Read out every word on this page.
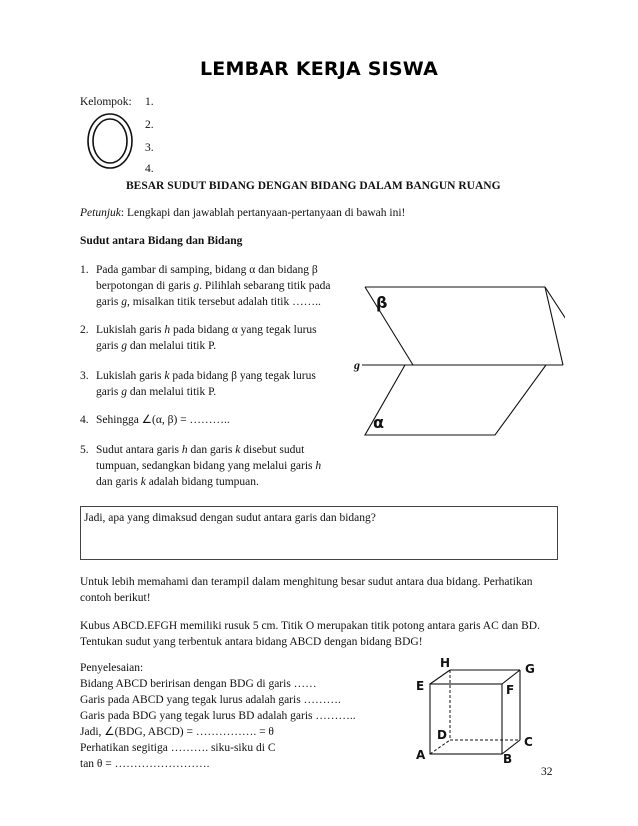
LEMBAR KERJA SISWA
Kelompok: 1.
2.
3.
4.
BESAR SUDUT BIDANG DENGAN BIDANG DALAM BANGUN RUANG
Petunjuk: Lengkapi dan jawablah pertanyaan-pertanyaan di bawah ini!
Sudut antara Bidang dan Bidang
1. Pada gambar di samping, bidang α dan bidang β
berpotongan di garis g. Pilihlah sebarang titik pada
garis g, misalkan titik tersebut adalah titik ……..
2. Lukislah garis h pada bidang α yang tegak lurus
garis g dan melalui titik P.
3. Lukislah garis k pada bidang β yang tegak lurus
garis g dan melalui titik P.
4. Sehingga ∠(α, β) = ………..
5. Sudut antara garis h dan garis k disebut sudut
tumpuan, sedangkan bidang yang melalui garis h
dan garis k adalah bidang tumpuan.
β
α
g
Jadi, apa yang dimaksud dengan sudut antara garis dan bidang?
Untuk lebih memahami dan terampil dalam menghitung besar sudut antara dua bidang. Perhatikan
contoh berikut!
Kubus ABCD.EFGH memiliki rusuk 5 cm. Titik O merupakan titik potong antara garis AC dan BD.
Tentukan sudut yang terbentuk antara bidang ABCD dengan bidang BDG!
Penyelesaian:
Bidang ABCD beririsan dengan BDG di garis ……
Garis pada ABCD yang tegak lurus adalah garis ……….
Garis pada BDG yang tegak lurus BD adalah garis ………..
Jadi, ∠(BDG, ABCD) = ……………. = θ
Perhatikan segitiga ………. siku-siku di C
tan θ = …………………….
H	G
E	F
D	C
A	B
32
